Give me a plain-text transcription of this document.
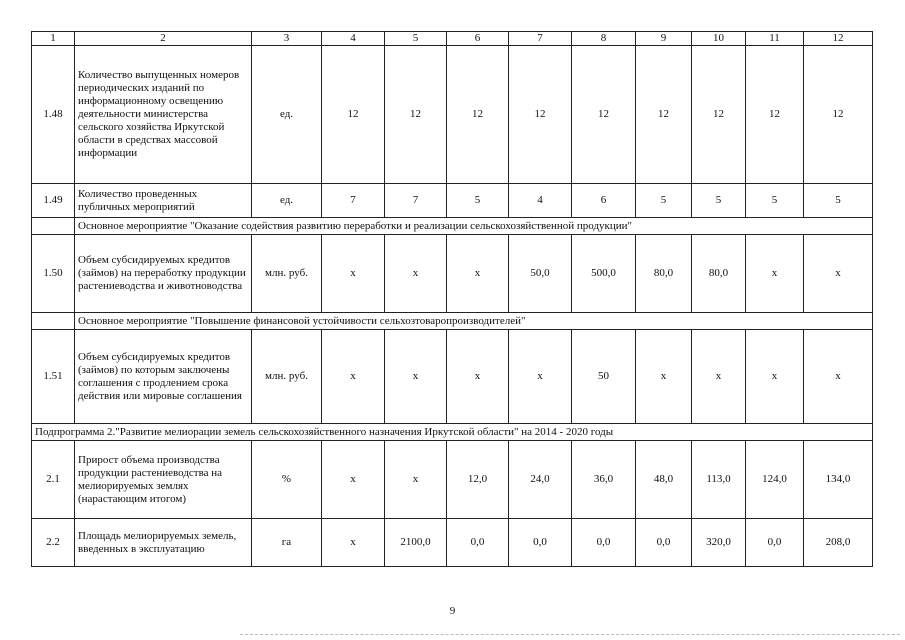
1	2	3	4	5	6	7	8	9	10	11	12
1.48	Количество выпущенных номеров периодических изданий по информационному освещению деятельности министерства сельского хозяйства Иркутской области в средствах массовой информации	ед.	12	12	12	12	12	12	12	12	12
1.49	Количество проведенных публичных мероприятий	ед.	7	7	5	4	6	5	5	5	5
	Основное мероприятие "Оказание содействия развитию переработки и реализации сельскохозяйственной продукции"										
1.50	Объем субсидируемых кредитов (займов) на переработку продукции растениеводства и животноводства	млн. руб.	x	x	x	50,0	500,0	80,0	80,0	x	x
	Основное мероприятие "Повышение финансовой устойчивости сельхозтоваропроизводителей"										
1.51	Объем субсидируемых кредитов (займов) по которым заключены соглашения с продлением срока действия или мировые соглашения	млн. руб.	x	x	x	x	50	x	x	x	x
Подпрограмма 2."Развитие мелиорации земель сельскохозяйственного назначения Иркутской области" на 2014 - 2020 годы											
2.1	Прирост объема производства продукции растениеводства на мелиорируемых землях (нарастающим итогом)	%	x	x	12,0	24,0	36,0	48,0	113,0	124,0	134,0
2.2	Площадь мелиорируемых земель, введенных в эксплуатацию	га	x	2100,0	0,0	0,0	0,0	0,0	320,0	0,0	208,0
9
